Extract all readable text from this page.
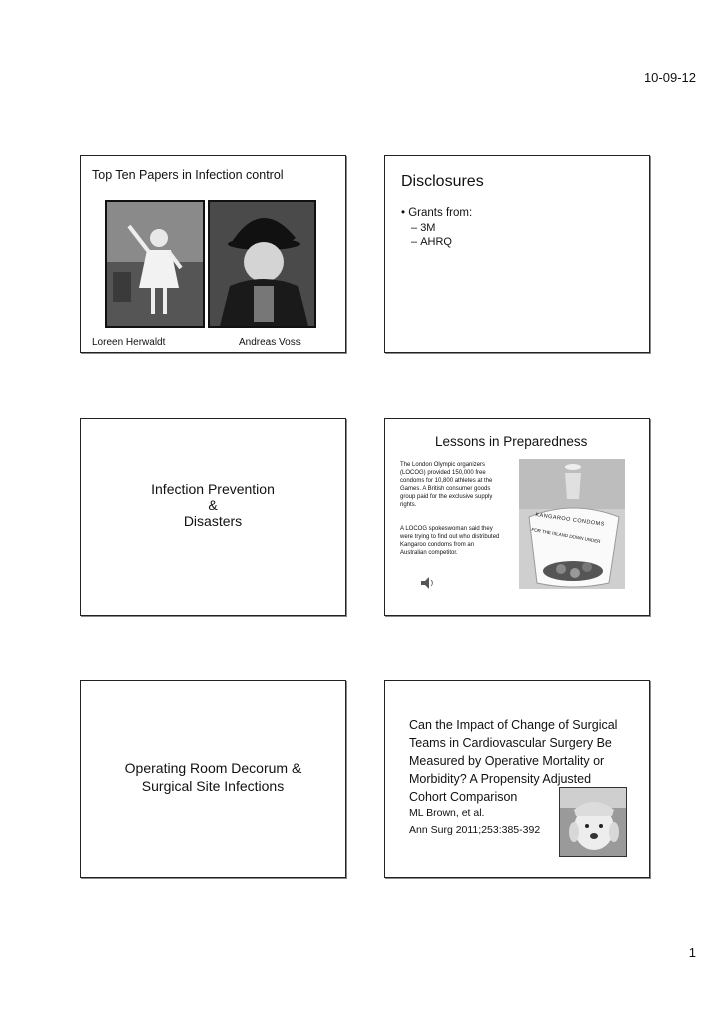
10-09-12
Top Ten Papers in Infection control
Loreen Herwaldt	Andreas Voss
Disclosures
• Grants from:
– 3M
– AHRQ
Infection Prevention
&
Disasters
Lessons in Preparedness
The London Olympic organizers (LOCOG) provided 150,000 free condoms for 10,800 athletes at the Games. A British consumer goods group paid for the exclusive supply rights.
A LOCOG spokeswoman said they were trying to find out who distributed Kangaroo condoms from an Australian competitor.
KANGAROO CONDOMS
FOR THE ISLAND DOWN UNDER
Operating Room Decorum &
Surgical Site Infections
Can the Impact of Change of Surgical
Teams in Cardiovascular Surgery Be
Measured by Operative Mortality or
Morbidity? A Propensity Adjusted
Cohort Comparison
ML Brown, et al.
Ann Surg 2011;253:385-392
1
